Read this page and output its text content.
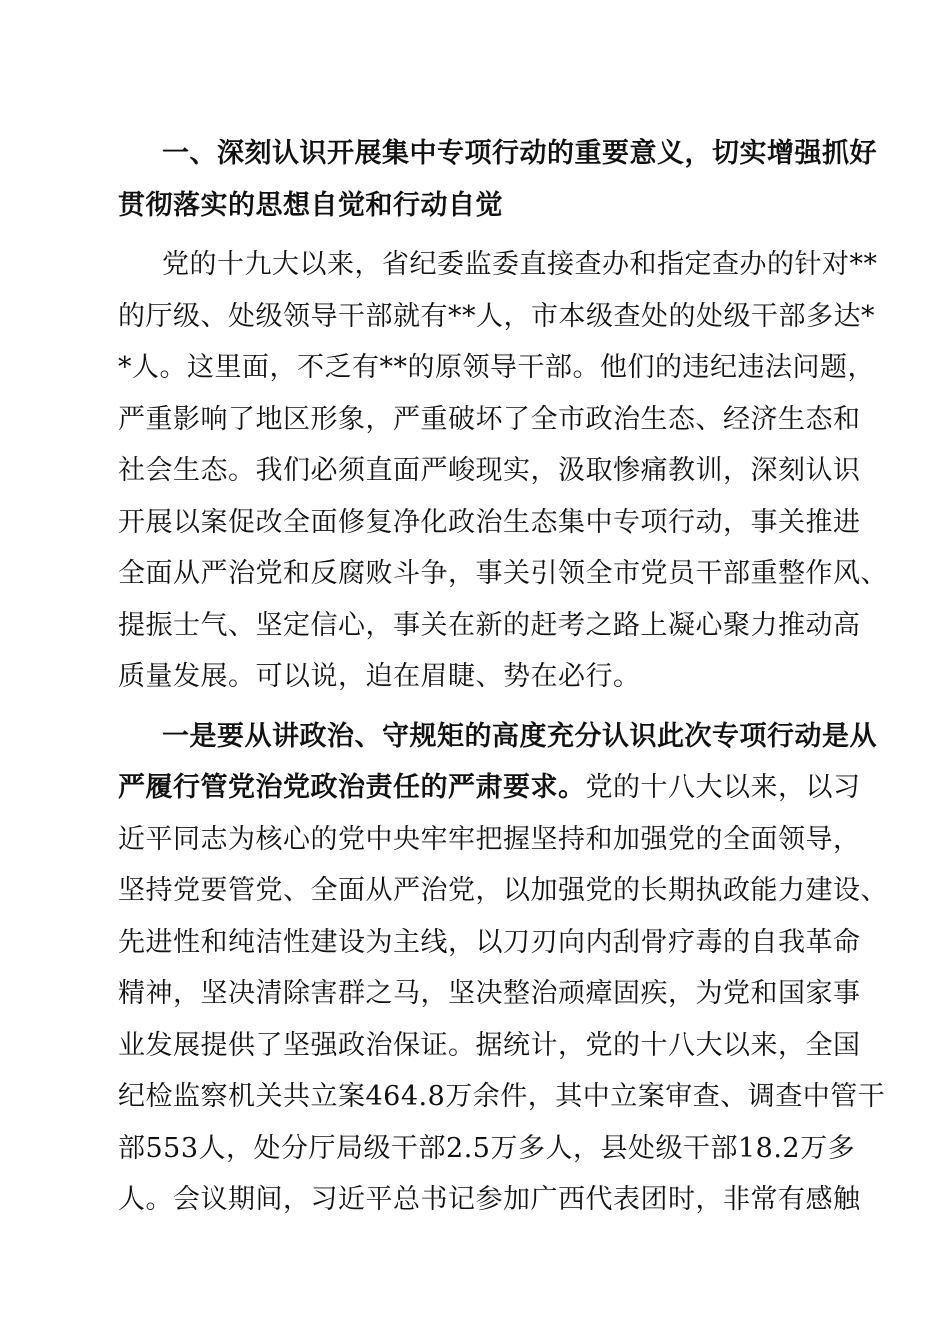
一、深刻认识开展集中专项行动的重要意义，切实增强抓好
贯彻落实的思想自觉和行动自觉
党的十九大以来，省纪委监委直接查办和指定查办的针对**
的厅级、处级领导干部就有**人，市本级查处的处级干部多达*
*人。这里面，不乏有**的原领导干部。他们的违纪违法问题，
严重影响了地区形象，严重破坏了全市政治生态、经济生态和
社会生态。我们必须直面严峻现实，汲取惨痛教训，深刻认识
开展以案促改全面修复净化政治生态集中专项行动，事关推进
全面从严治党和反腐败斗争，事关引领全市党员干部重整作风、
提振士气、坚定信心，事关在新的赶考之路上凝心聚力推动高
质量发展。可以说，迫在眉睫、势在必行。
一是要从讲政治、守规矩的高度充分认识此次专项行动是从
严履行管党治党政治责任的严肃要求。党的十八大以来，以习
近平同志为核心的党中央牢牢把握坚持和加强党的全面领导，
坚持党要管党、全面从严治党，以加强党的长期执政能力建设、
先进性和纯洁性建设为主线，以刀刃向内刮骨疗毒的自我革命
精神，坚决清除害群之马，坚决整治顽瘴固疾，为党和国家事
业发展提供了坚强政治保证。据统计，党的十八大以来，全国
纪检监察机关共立案464.8万余件，其中立案审查、调查中管干
部553人，处分厅局级干部2.5万多人，县处级干部18.2万多
人。会议期间，习近平总书记参加广西代表团时，非常有感触
